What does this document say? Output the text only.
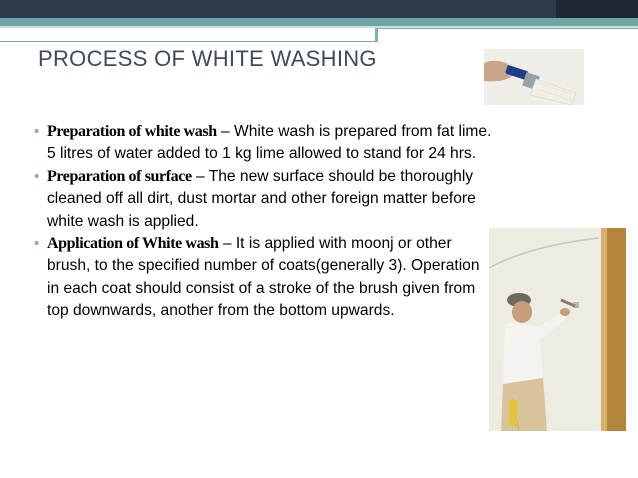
PROCESS OF WHITE WASHING
• Preparation of white wash – White wash is prepared from fat lime. 5 litres of water added to 1 kg lime allowed to stand for 24 hrs.
• Preparation of surface – The new surface should be thoroughly cleaned off all dirt, dust mortar and other foreign matter before white wash is applied.
• Application of White wash – It is applied with moonj or other brush, to the specified number of coats(generally 3). Operation in each coat should consist of a stroke of the brush given from top downwards, another from the bottom upwards.
